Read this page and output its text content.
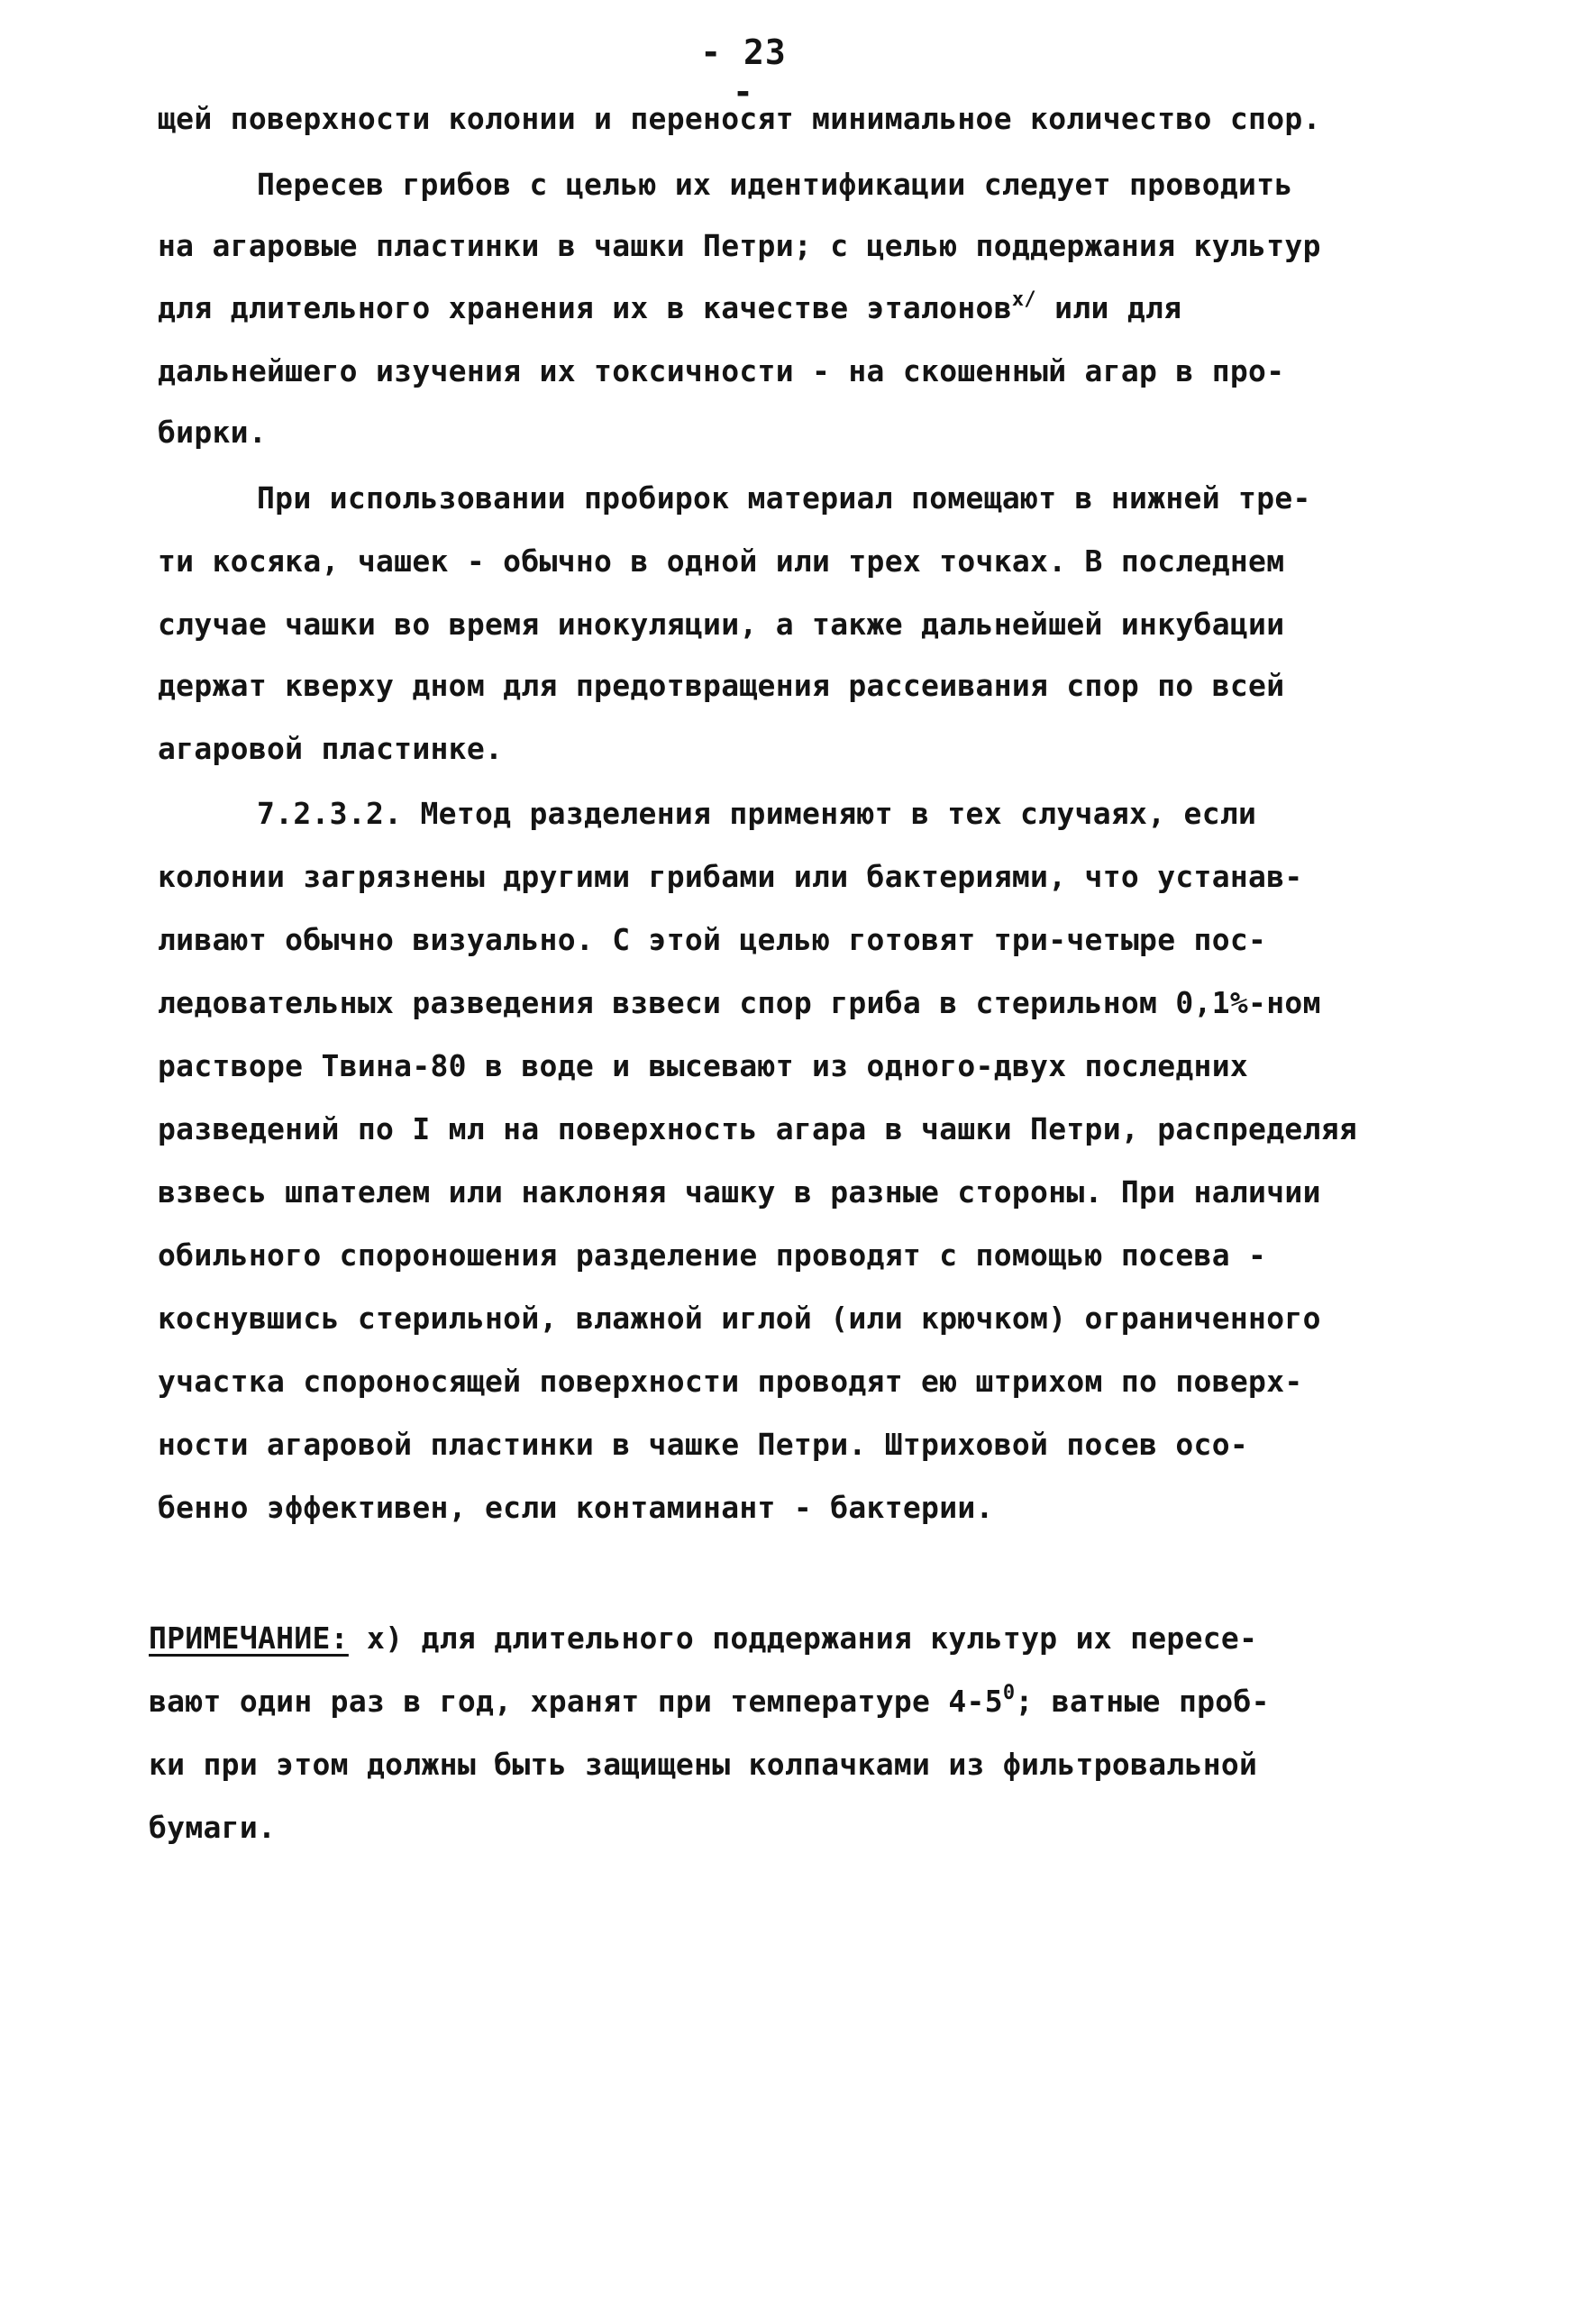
- 23 -
щей поверхности колонии и переносят минимальное количество спор.
Пересев грибов с целью их идентификации следует проводить
на агаровые пластинки в чашки Петри; с целью поддержания культур
для длительного хранения их в качестве эталонов$^{x/}$ или для
дальнейшего изучения их токсичности - на скошенный агар в про-
бирки.
При использовании пробирок материал помещают в нижней тре-
ти косяка, чашек - обычно в одной или трех точках. В последнем
случае чашки во время инокуляции, а также дальнейшей инкубации
держат кверху дном для предотвращения рассеивания спор по всей
агаровой пластинке.
7.2.3.2. Метод разделения применяют в тех случаях, если
колонии загрязнены другими грибами или бактериями, что устанав-
ливают обычно визуально. С этой целью готовят три-четыре пос-
ледовательных разведения взвеси спор гриба в стерильном 0,1%-ном
растворе Твина-80 в воде и высевают из одного-двух последних
разведений по I мл на поверхность агара в чашки Петри, распределяя
взвесь шпателем или наклоняя чашку в разные стороны. При наличии
обильного спороношения разделение проводят с помощью посева -
коснувшись стерильной, влажной иглой (или крючком) ограниченного
участка спороносящей поверхности проводят ею штрихом по поверх-
ности агаровой пластинки в чашке Петри. Штриховой посев осо-
бенно эффективен, если контаминант - бактерии.
ПРИМЕЧАНИЕ: х) для длительного поддержания культур их пересе-
вают один раз в год, хранят при температуре $4-5^0$; ватные проб-
ки при этом должны быть защищены колпачками из фильтровальной
бумаги.
